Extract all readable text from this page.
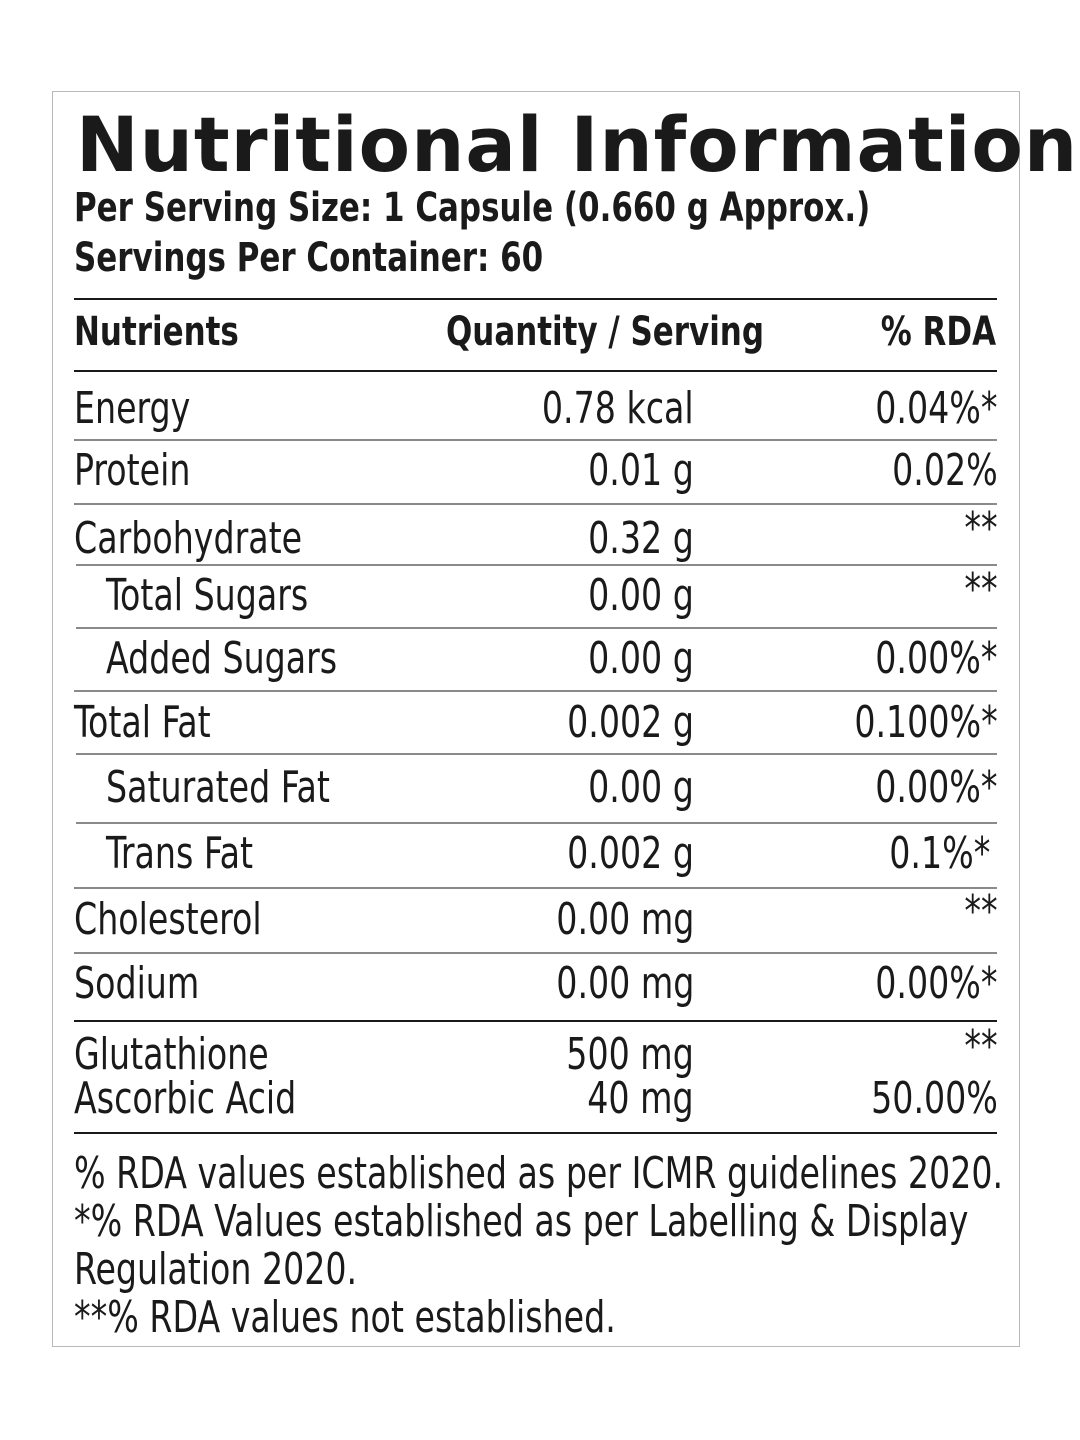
Nutritional Information
Per Serving Size: 1 Capsule (0.660 g Approx.)
Servings Per Container: 60
Nutrients	Quantity / Serving	% RDA
Energy	0.78 kcal	0.04%*
Protein	0.01 g	0.02%
Carbohydrate	0.32 g	**
Total Sugars	0.00 g	**
Added Sugars	0.00 g	0.00%*
Total Fat	0.002 g	0.100%*
Saturated Fat	0.00 g	0.00%*
Trans Fat	0.002 g	0.1%*
Cholesterol	0.00 mg	**
Sodium	0.00 mg	0.00%*
Glutathione	500 mg	**
Ascorbic Acid	40 mg	50.00%
% RDA values established as per ICMR guidelines 2020.
*% RDA Values established as per Labelling & Display
Regulation 2020.
**% RDA values not established.
